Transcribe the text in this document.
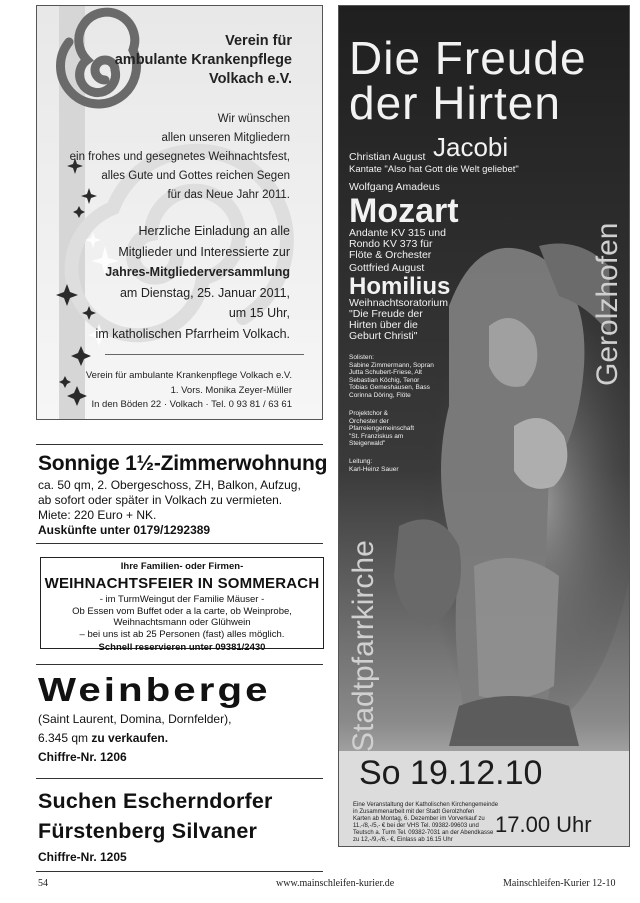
Verein für
ambulante Krankenpflege
Volkach e.V.
Wir wünschen
allen unseren Mitgliedern
ein frohes und gesegnetes Weihnachtsfest,
alles Gute und Gottes reichen Segen
für das Neue Jahr 2011.
Herzliche Einladung an alle
Mitglieder und Interessierte zur
Jahres-Mitgliederversammlung
am Dienstag, 25. Januar 2011,
um 15 Uhr,
im katholischen Pfarrheim Volkach.
Verein für ambulante Krankenpflege Volkach e.V.
1. Vors. Monika Zeyer-Müller
In den Böden 22 · Volkach · Tel. 0 93 81 / 63 61
Sonnige 1½-Zimmerwohnung
ca. 50 qm, 2. Obergeschoss, ZH, Balkon, Aufzug,
ab sofort oder später in Volkach zu vermieten.
Miete: 220 Euro + NK.
Auskünfte unter 0179/1292389
Ihre Familien- oder Firmen-
WEIHNACHTSFEIER IN SOMMERACH
- im TurmWeingut der Familie Mäuser -
Ob Essen vom Buffet oder a la carte, ob Weinprobe,
Weihnachtsmann oder Glühwein
– bei uns ist ab 25 Personen (fast) alles möglich.
Schnell reservieren unter 09381/2430
Weinberge
(Saint Laurent, Domina, Dornfelder),
6.345 qm zu verkaufen.
Chiffre-Nr. 1206
Suchen Escherndorfer
Fürstenberg Silvaner
Chiffre-Nr. 1205
Die Freude
der Hirten
Christian August Jacobi
Kantate "Also hat Gott die Welt geliebet"
Wolfgang Amadeus
Mozart
Andante KV 315 und
Rondo KV 373 für
Flöte & Orchester
Gottfried August
Homilius
Weihnachtsoratorium
"Die Freude der
Hirten über die
Geburt Christi"
Solisten:
Sabine Zimmermann, Sopran
Jutta Schubert-Friese, Alt
Sebastian Köchig, Tenor
Tobias Gemeshausen, Bass
Corinna Döring, Flöte
Projektchor &
Orchester der
Pfarreiengemeinschaft
"St. Franziskus am
Steigerwald"
Leitung:
Karl-Heinz Sauer
Gerolzhofen
Stadtpfarrkirche
So 19.12.10
Eine Veranstaltung der Katholischen Kirchengemeinde
in Zusammenarbeit mit der Stadt Gerolzhofen
Karten ab Montag, 6. Dezember im Vorverkauf zu
11,-/8,-/5,- € bei der VHS Tel. 09382-99603 und
Teutsch a. Turm Tel. 09382-7031 an der Abendkasse
zu 12,-/9,-/6,- €, Einlass ab 16.15 Uhr
17.00 Uhr
54	www.mainschleifen-kurier.de	Mainschleifen-Kurier 12-10
